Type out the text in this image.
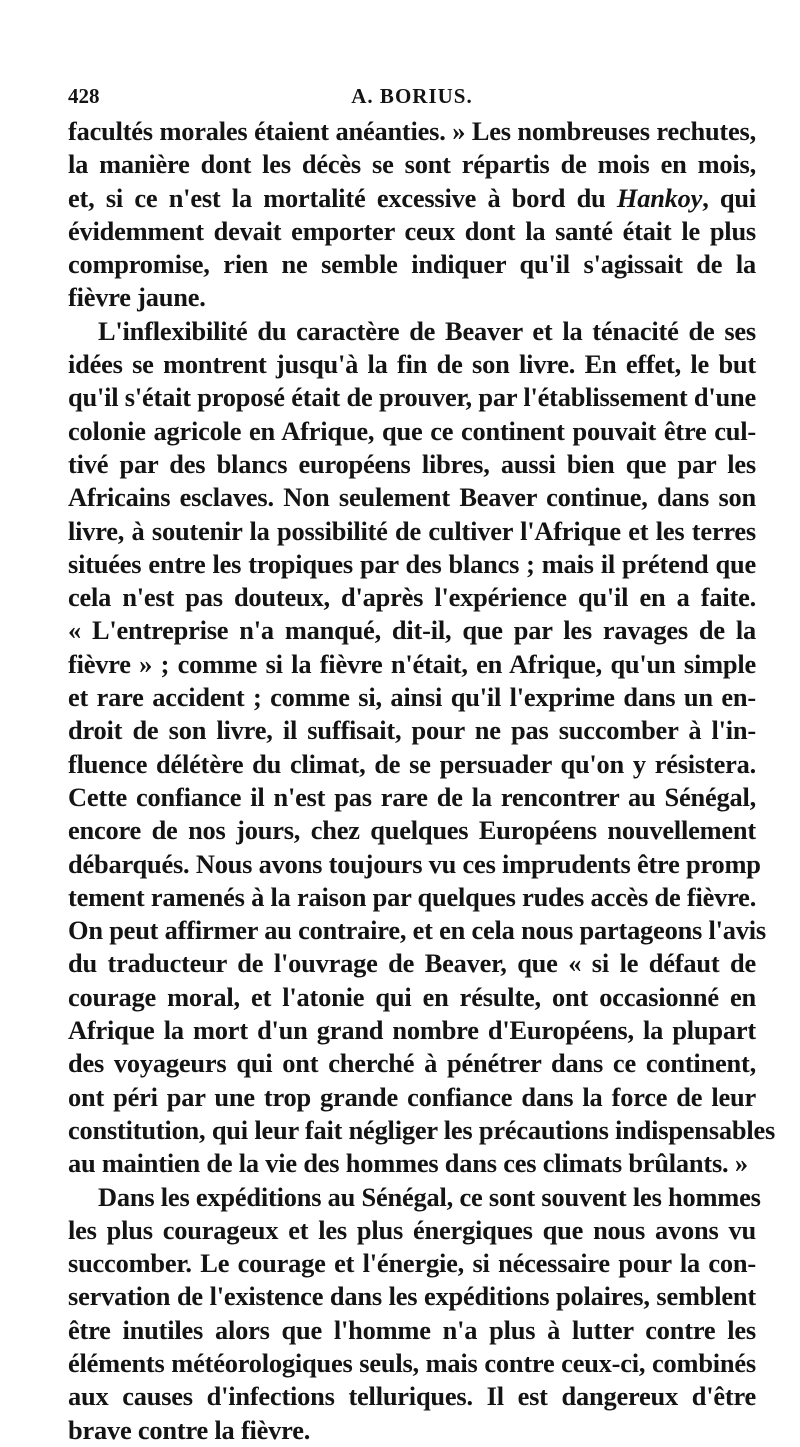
428	A. BORIUS.

facultés morales étaient anéanties. » Les nombreuses rechutes,
la manière dont les décès se sont répartis de mois en mois,
et, si ce n'est la mortalité excessive à bord du Hankoy, qui
évidemment devait emporter ceux dont la santé était le plus
compromise, rien ne semble indiquer qu'il s'agissait de la
fièvre jaune.

L'inflexibilité du caractère de Beaver et la ténacité de ses
idées se montrent jusqu'à la fin de son livre. En effet, le but
qu'il s'était proposé était de prouver, par l'établissement d'une
colonie agricole en Afrique, que ce continent pouvait être cul-
tivé par des blancs européens libres, aussi bien que par les
Africains esclaves. Non seulement Beaver continue, dans son
livre, à soutenir la possibilité de cultiver l'Afrique et les terres
situées entre les tropiques par des blancs ; mais il prétend que
cela n'est pas douteux, d'après l'expérience qu'il en a faite.
« L'entreprise n'a manqué, dit-il, que par les ravages de la
fièvre » ; comme si la fièvre n'était, en Afrique, qu'un simple
et rare accident ; comme si, ainsi qu'il l'exprime dans un en-
droit de son livre, il suffisait, pour ne pas succomber à l'in-
fluence délétère du climat, de se persuader qu'on y résistera.
Cette confiance il n'est pas rare de la rencontrer au Sénégal,
encore de nos jours, chez quelques Européens nouvellement
débarqués. Nous avons toujours vu ces imprudents être promp
tement ramenés à la raison par quelques rudes accès de fièvre.
On peut affirmer au contraire, et en cela nous partageons l'avis
du traducteur de l'ouvrage de Beaver, que « si le défaut de
courage moral, et l'atonie qui en résulte, ont occasionné en
Afrique la mort d'un grand nombre d'Européens, la plupart
des voyageurs qui ont cherché à pénétrer dans ce continent,
ont péri par une trop grande confiance dans la force de leur
constitution, qui leur fait négliger les précautions indispensables
au maintien de la vie des hommes dans ces climats brûlants. »

Dans les expéditions au Sénégal, ce sont souvent les hommes
les plus courageux et les plus énergiques que nous avons vu
succomber. Le courage et l'énergie, si nécessaire pour la con-
servation de l'existence dans les expéditions polaires, semblent
être inutiles alors que l'homme n'a plus à lutter contre les
éléments météorologiques seuls, mais contre ceux-ci, combinés
aux causes d'infections telluriques. Il est dangereux d'être
brave contre la fièvre.
